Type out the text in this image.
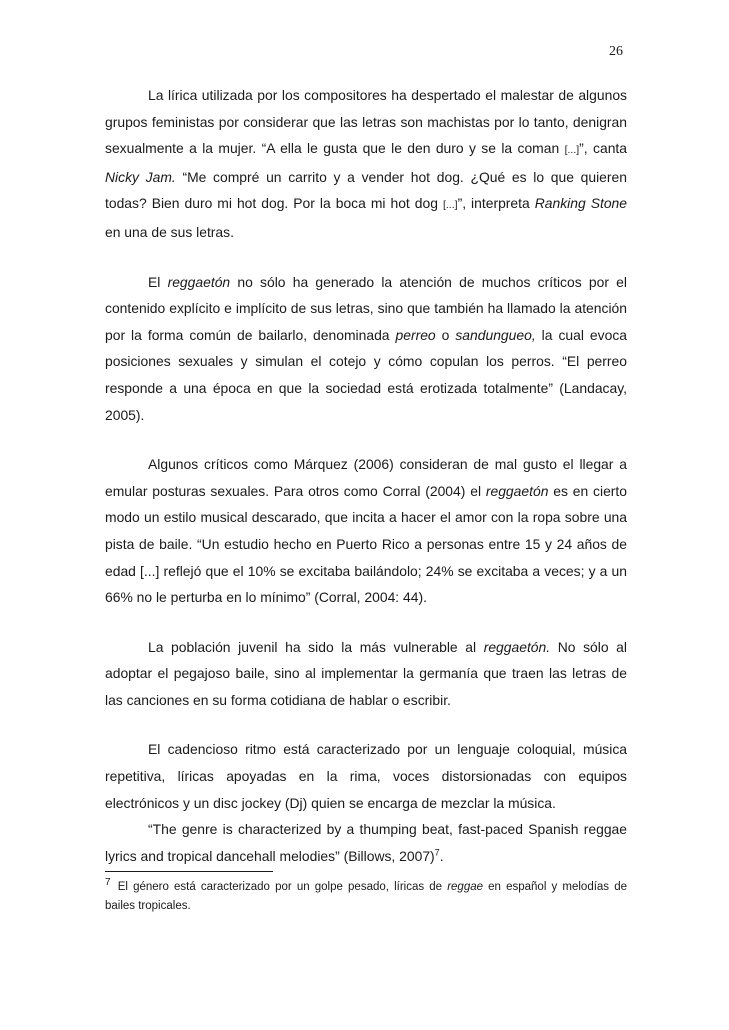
26

La lírica utilizada por los compositores ha despertado el malestar de algunos grupos feministas por considerar que las letras son machistas por lo tanto, denigran sexualmente a la mujer. “A ella le gusta que le den duro y se la coman [...]”, canta Nicky Jam. “Me compré un carrito y a vender hot dog. ¿Qué es lo que quieren todas? Bien duro mi hot dog. Por la boca mi hot dog [...]”, interpreta Ranking Stone en una de sus letras.

El reggaetón no sólo ha generado la atención de muchos críticos por el contenido explícito e implícito de sus letras, sino que también ha llamado la atención por la forma común de bailarlo, denominada perreo o sandungueo, la cual evoca posiciones sexuales y simulan el cotejo y cómo copulan los perros. “El perreo responde a una época en que la sociedad está erotizada totalmente” (Landacay, 2005).

Algunos críticos como Márquez (2006) consideran de mal gusto el llegar a emular posturas sexuales. Para otros como Corral (2004) el reggaetón es en cierto modo un estilo musical descarado, que incita a hacer el amor con la ropa sobre una pista de baile. “Un estudio hecho en Puerto Rico a personas entre 15 y 24 años de edad [...] reflejó que el 10% se excitaba bailándolo; 24% se excitaba a veces; y a un 66% no le perturba en lo mínimo” (Corral, 2004: 44).

La población juvenil ha sido la más vulnerable al reggaetón. No sólo al adoptar el pegajoso baile, sino al implementar la germanía que traen las letras de las canciones en su forma cotidiana de hablar o escribir.

El cadencioso ritmo está caracterizado por un lenguaje coloquial, música repetitiva, líricas apoyadas en la rima, voces distorsionadas con equipos electrónicos y un disc jockey (Dj) quien se encarga de mezclar la música.

“The genre is characterized by a thumping beat, fast-paced Spanish reggae lyrics and tropical dancehall melodies” (Billows, 2007)$^7$.

$^7$ El género está caracterizado por un golpe pesado, líricas de reggae en español y melodías de bailes tropicales.
